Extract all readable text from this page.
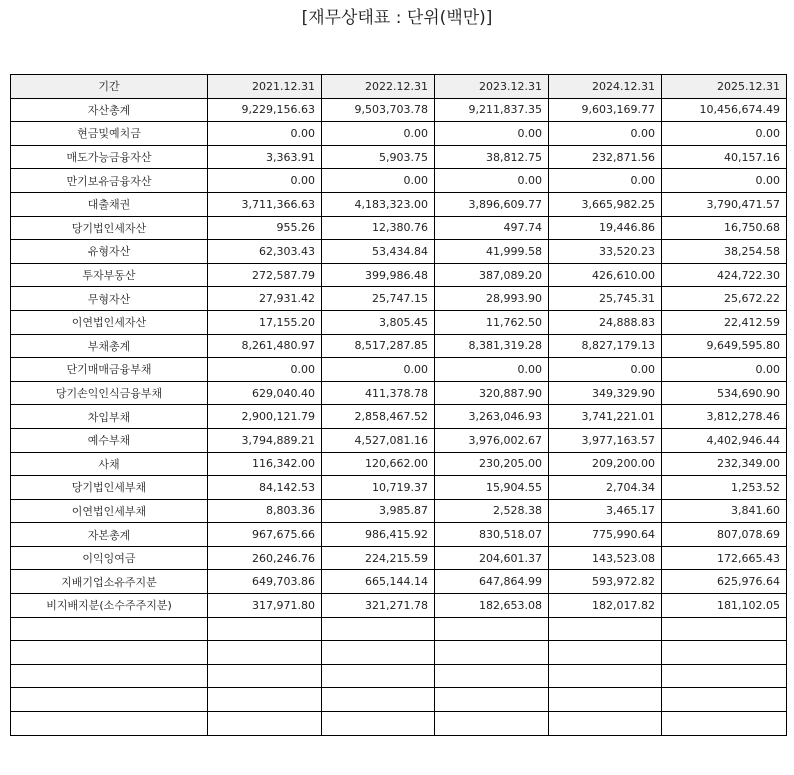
[재무상태표 : 단위(백만)]
기간	2021.12.31	2022.12.31	2023.12.31	2024.12.31	2025.12.31
자산총계	9,229,156.63	9,503,703.78	9,211,837.35	9,603,169.77	10,456,674.49
현금및예치금	0.00	0.00	0.00	0.00	0.00
매도가능금융자산	3,363.91	5,903.75	38,812.75	232,871.56	40,157.16
만기보유금융자산	0.00	0.00	0.00	0.00	0.00
대출채권	3,711,366.63	4,183,323.00	3,896,609.77	3,665,982.25	3,790,471.57
당기법인세자산	955.26	12,380.76	497.74	19,446.86	16,750.68
유형자산	62,303.43	53,434.84	41,999.58	33,520.23	38,254.58
투자부동산	272,587.79	399,986.48	387,089.20	426,610.00	424,722.30
무형자산	27,931.42	25,747.15	28,993.90	25,745.31	25,672.22
이연법인세자산	17,155.20	3,805.45	11,762.50	24,888.83	22,412.59
부채총계	8,261,480.97	8,517,287.85	8,381,319.28	8,827,179.13	9,649,595.80
단기매매금융부채	0.00	0.00	0.00	0.00	0.00
당기손익인식금융부채	629,040.40	411,378.78	320,887.90	349,329.90	534,690.90
차입부채	2,900,121.79	2,858,467.52	3,263,046.93	3,741,221.01	3,812,278.46
예수부채	3,794,889.21	4,527,081.16	3,976,002.67	3,977,163.57	4,402,946.44
사채	116,342.00	120,662.00	230,205.00	209,200.00	232,349.00
당기법인세부채	84,142.53	10,719.37	15,904.55	2,704.34	1,253.52
이연법인세부채	8,803.36	3,985.87	2,528.38	3,465.17	3,841.60
자본총계	967,675.66	986,415.92	830,518.07	775,990.64	807,078.69
이익잉여금	260,246.76	224,215.59	204,601.37	143,523.08	172,665.43
지배기업소유주지분	649,703.86	665,144.14	647,864.99	593,972.82	625,976.64
비지배지분(소수주주지분)	317,971.80	321,271.78	182,653.08	182,017.82	181,102.05
